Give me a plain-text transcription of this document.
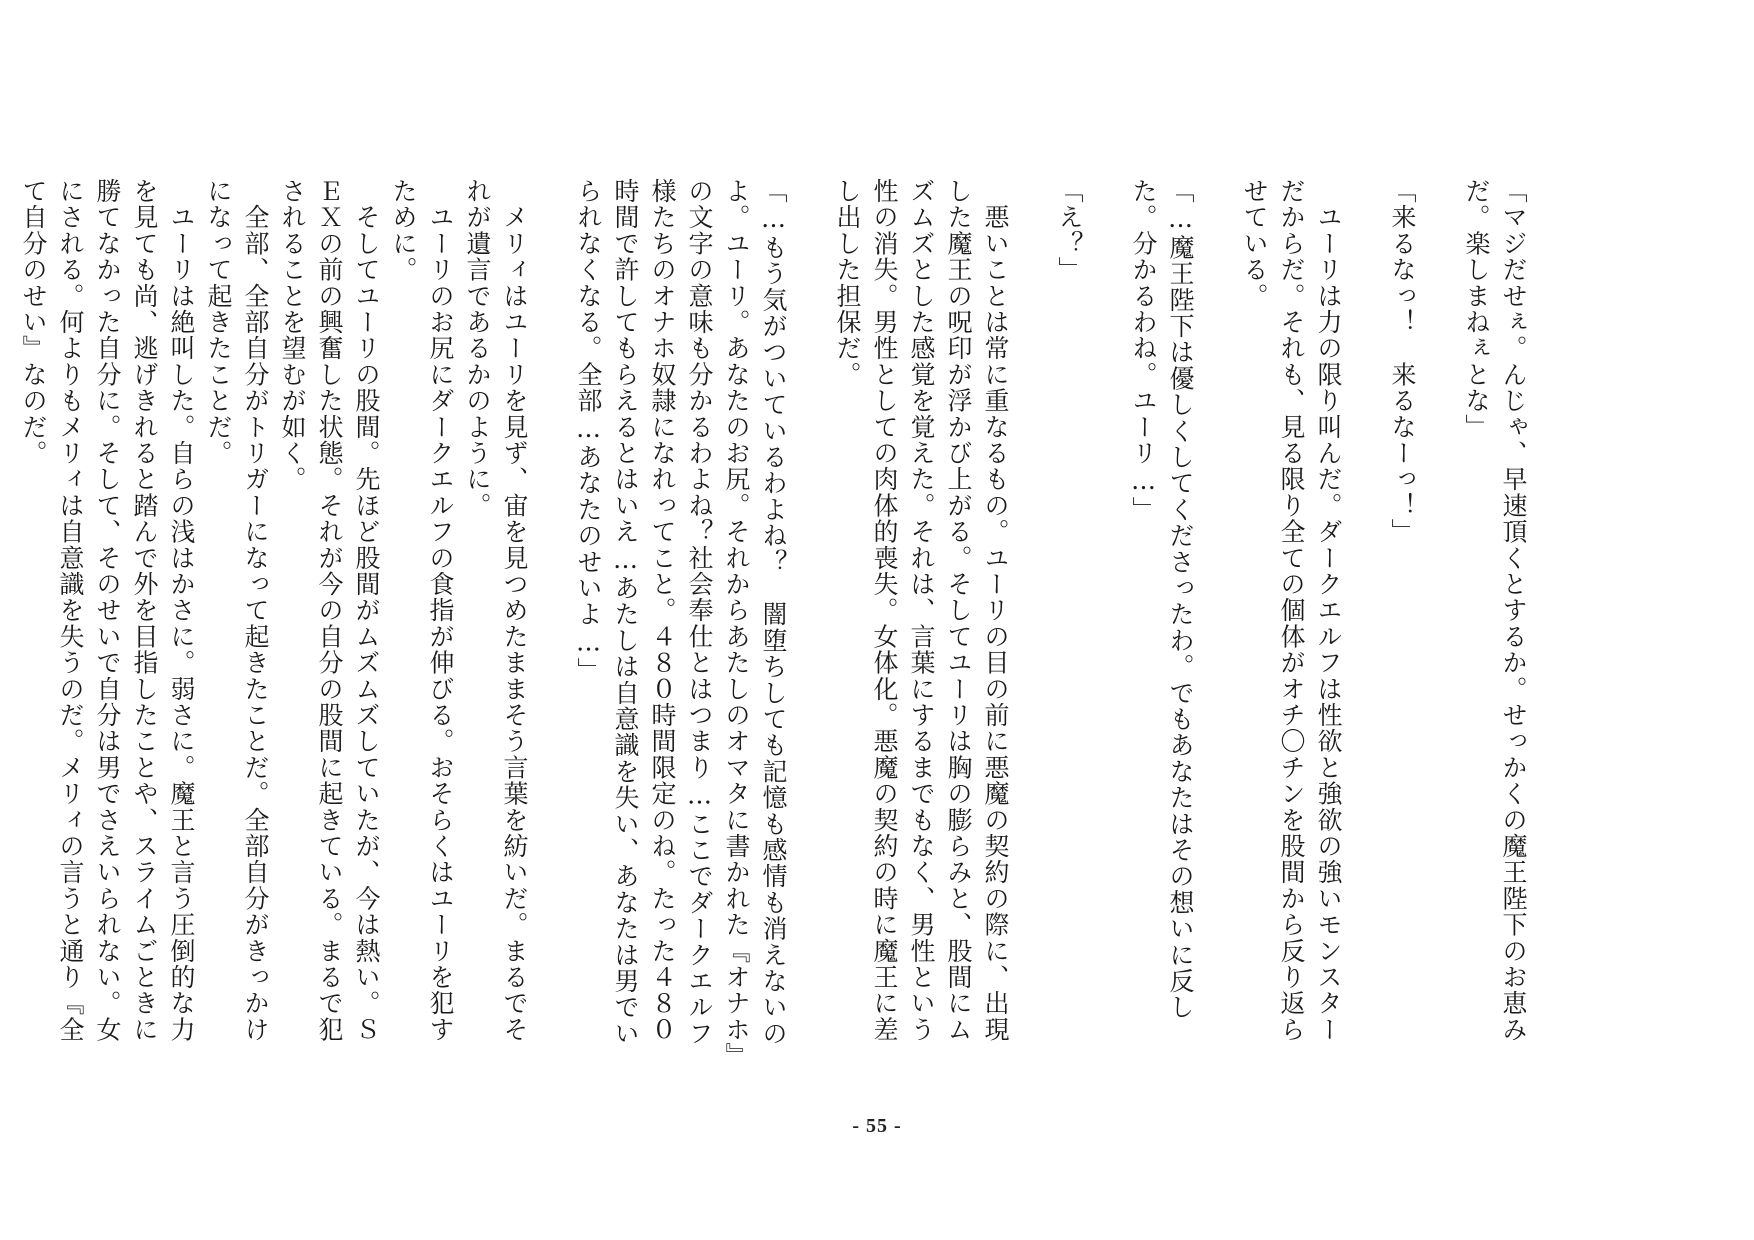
「マジだせぇ。んじゃ、早速頂くとするか。せっかくの魔王陛下のお恵みだ。楽しまねぇとな」

「来るなっ！　来るなーっ！」

　ユーリは力の限り叫んだ。ダークエルフは性欲と強欲の強いモンスターだからだ。それも、見る限り全ての個体がオチ〇チンを股間から反り返らせている。

「…魔王陛下は優しくしてくださったわ。でもあなたはその想いに反した。分かるわね。ユーリ…」

「え？」

　悪いことは常に重なるもの。ユーリの目の前に悪魔の契約の際に、出現した魔王の呪印が浮かび上がる。そしてユーリは胸の膨らみと、股間にムズムズとした感覚を覚えた。それは、言葉にするまでもなく、男性という性の消失。男性としての肉体的喪失。女体化。悪魔の契約の時に魔王に差し出した担保だ。

「…もう気がついているわよね？　闇堕ちしても記憶も感情も消えないのよ。ユーリ。あなたのお尻。それからあたしのオマタに書かれた『オナホ』の文字の意味も分かるわよね？社会奉仕とはつまり…ここでダークエルフ様たちのオナホ奴隷になれってこと。４８０時間限定のね。たった４８０時間で許してもらえるとはいえ…あたしは自意識を失い、あなたは男でいられなくなる。全部…あなたのせいよ…」

　メリィはユーリを見ず、宙を見つめたままそう言葉を紡いだ。まるでそれが遺言であるかのように。

　ユーリのお尻にダークエルフの食指が伸びる。おそらくはユーリを犯すために。

　そしてユーリの股間。先ほど股間がムズムズしていたが、今は熱い。ＳＥＸの前の興奮した状態。それが今の自分の股間に起きている。まるで犯されることを望むが如く。

　全部、全部自分がトリガーになって起きたことだ。全部自分がきっかけになって起きたことだ。

　ユーリは絶叫した。自らの浅はかさに。弱さに。魔王と言う圧倒的な力を見ても尚、逃げきれると踏んで外を目指したことや、スライムごときに勝てなかった自分に。そして、そのせいで自分は男でさえいられない。女にされる。何よりもメリィは自意識を失うのだ。メリィの言うと通り『全て自分のせい』なのだ。

- 55 -
